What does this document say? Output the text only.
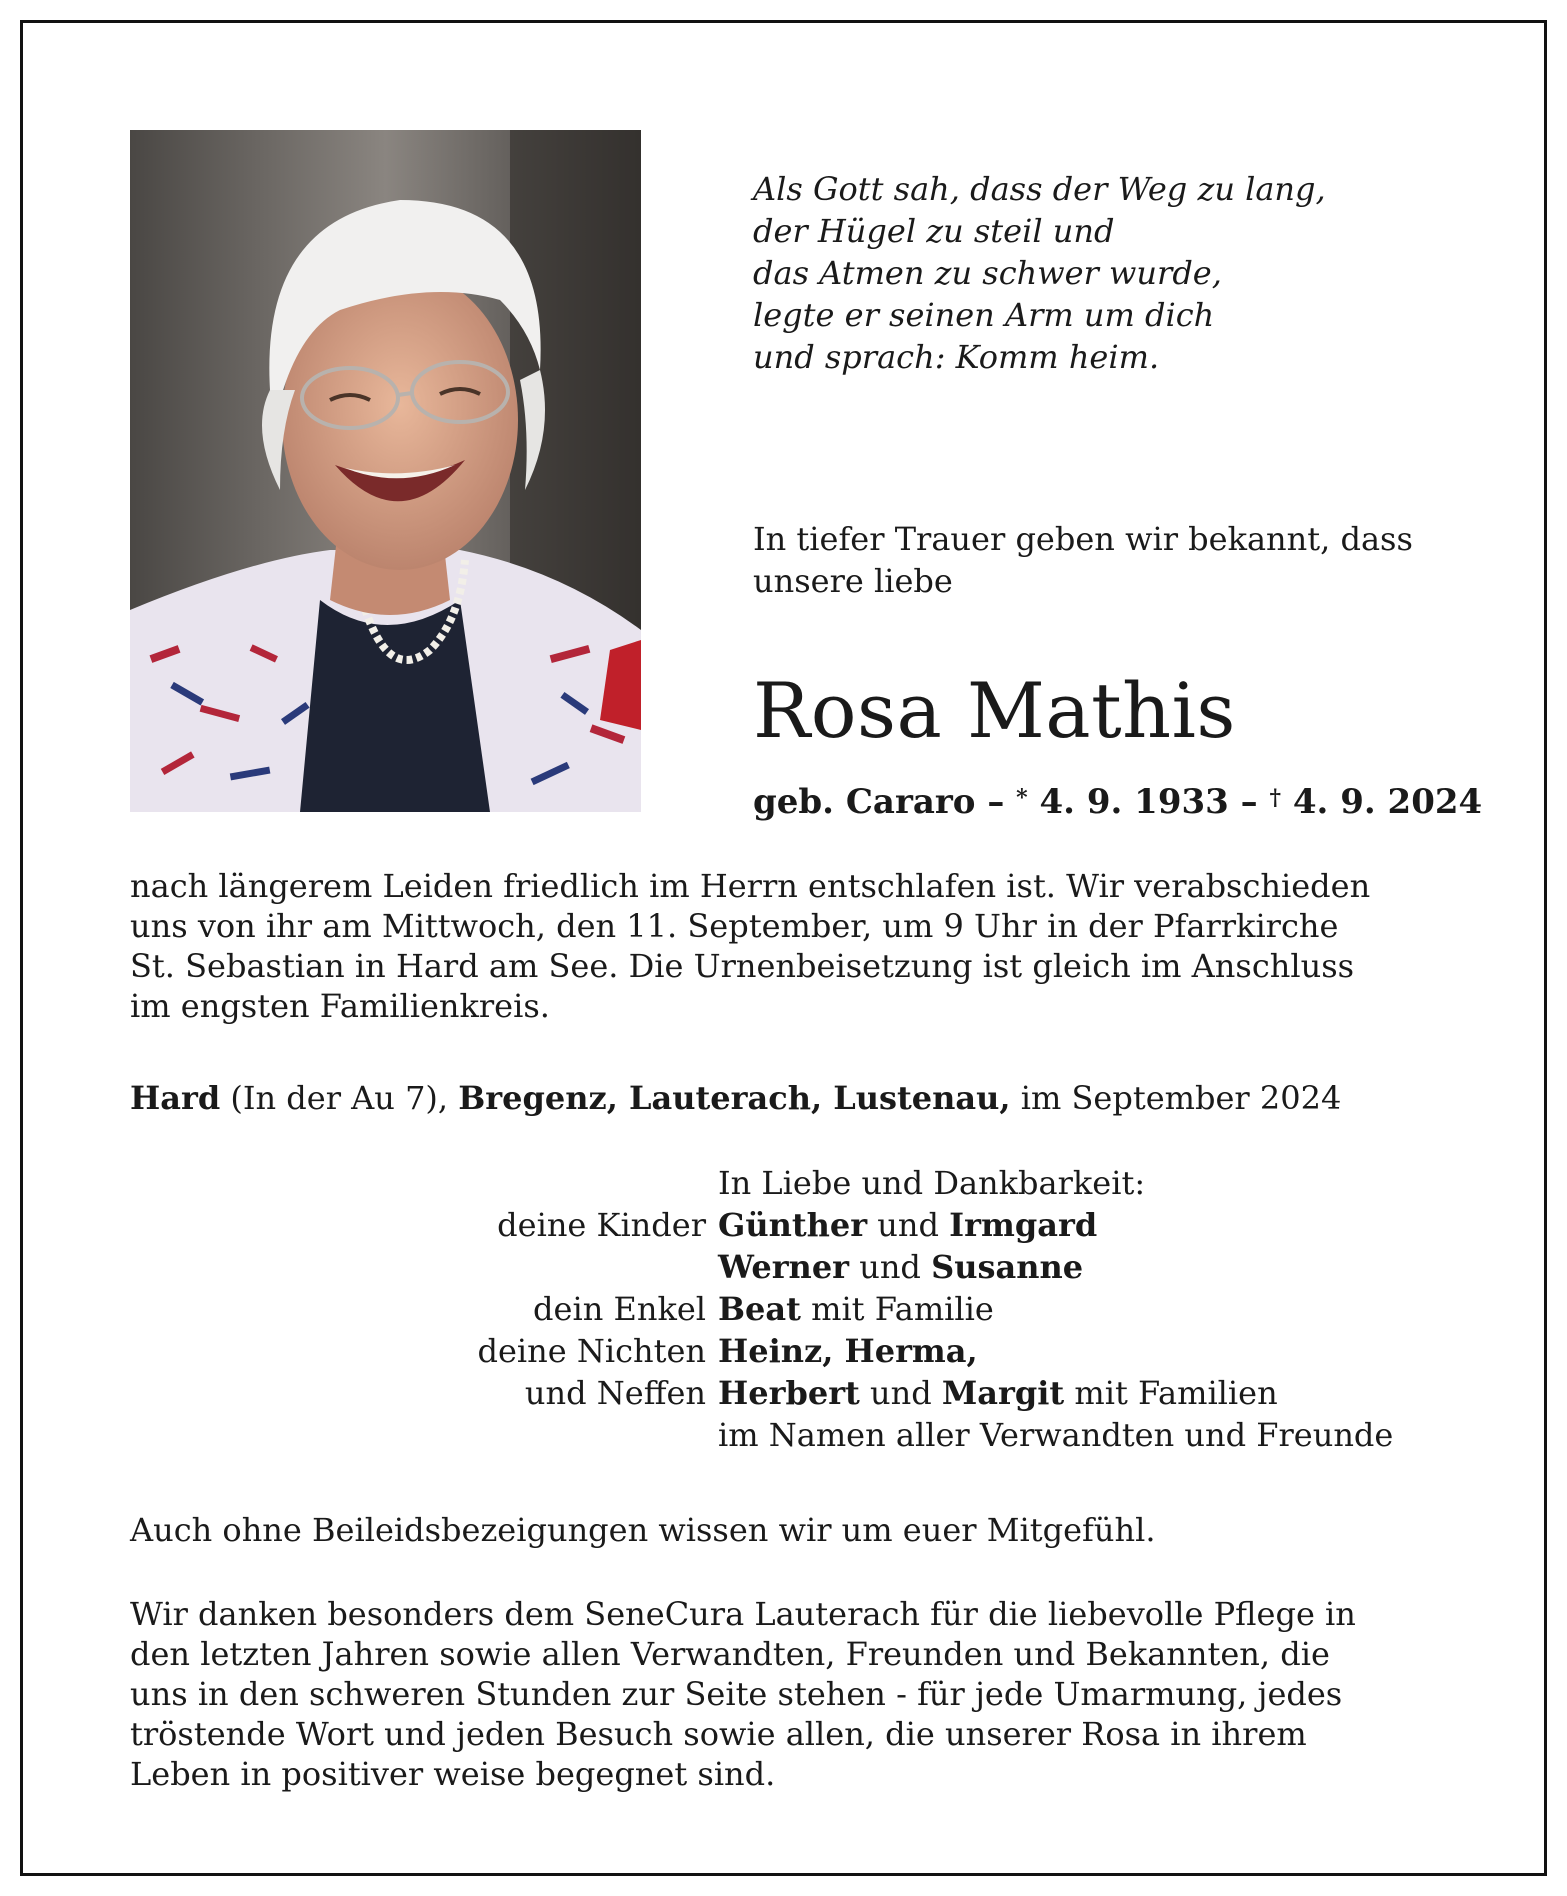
Als Gott sah, dass der Weg zu lang,
der Hügel zu steil und
das Atmen zu schwer wurde,
legte er seinen Arm um dich
und sprach: Komm heim.
In tiefer Trauer geben wir bekannt, dass
unsere liebe
Rosa Mathis
geb. Cararo – * 4. 9. 1933 – † 4. 9. 2024
nach längerem Leiden friedlich im Herrn entschlafen ist. Wir verabschieden
uns von ihr am Mittwoch, den 11. September, um 9 Uhr in der Pfarrkirche
St. Sebastian in Hard am See. Die Urnenbeisetzung ist gleich im Anschluss
im engsten Familienkreis.
Hard (In der Au 7), Bregenz, Lauterach, Lustenau, im September 2024
In Liebe und Dankbarkeit:
deine Kinder Günther und Irmgard
Werner und Susanne
dein Enkel Beat mit Familie
deine Nichten Heinz, Herma,
und Neffen Herbert und Margit mit Familien
im Namen aller Verwandten und Freunde
Auch ohne Beileidsbezeigungen wissen wir um euer Mitgefühl.
Wir danken besonders dem SeneCura Lauterach für die liebevolle Pflege in
den letzten Jahren sowie allen Verwandten, Freunden und Bekannten, die
uns in den schweren Stunden zur Seite stehen - für jede Umarmung, jedes
tröstende Wort und jeden Besuch sowie allen, die unserer Rosa in ihrem
Leben in positiver weise begegnet sind.
